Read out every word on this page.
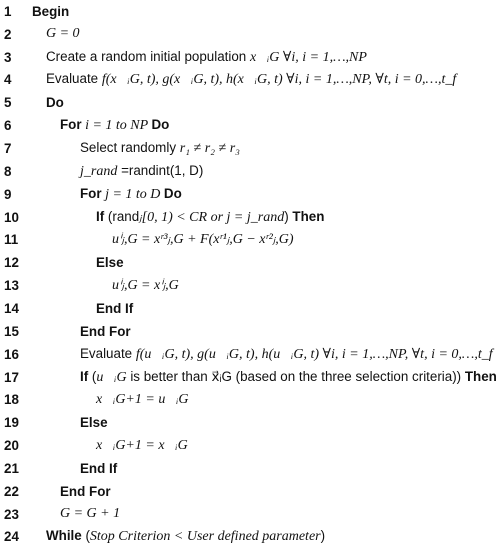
1	Begin
2	G = 0
3	Create a random initial population x⃗ᵢG ∀i, i = 1,…,NP
4	Evaluate f(x⃗ᵢG, t), g(x⃗ᵢG, t), h(x⃗ᵢG, t) ∀i, i = 1,…,NP, ∀t, i = 0,…,t_f
5	Do
6	For i = 1 to NP Do
7	Select randomly r₁ ≠ r₂ ≠ r₃
8	j_rand =randint(1, D)
9	For j = 1 to D Do
10	If (rand ⱼ[0, 1) < CR or j = j_rand ) Then
11	uⁱⱼ,G = xʳ³ⱼ,G + F(xʳ¹ⱼ,G − xʳ²ⱼ,G)
12	Else
13	uⁱⱼ,G = xⁱⱼ,G
14	End If
15	End For
16	Evaluate f(u⃗ᵢG, t), g(u⃗ᵢG, t), h(u⃗ᵢG, t) ∀i, i = 1,…,NP, ∀t, i = 0,…,t_f
17	If ( u⃗ᵢG is better than x⃗ᵢG (based on the three selection criteria)) Then
18	x⃗ᵢG+1 = u⃗ᵢG
19	Else
20	x⃗ᵢG+1 = x⃗ᵢG
21	End If
22	End For
23	G = G + 1
24	While ( Stop Criterion < User defined parameter )
